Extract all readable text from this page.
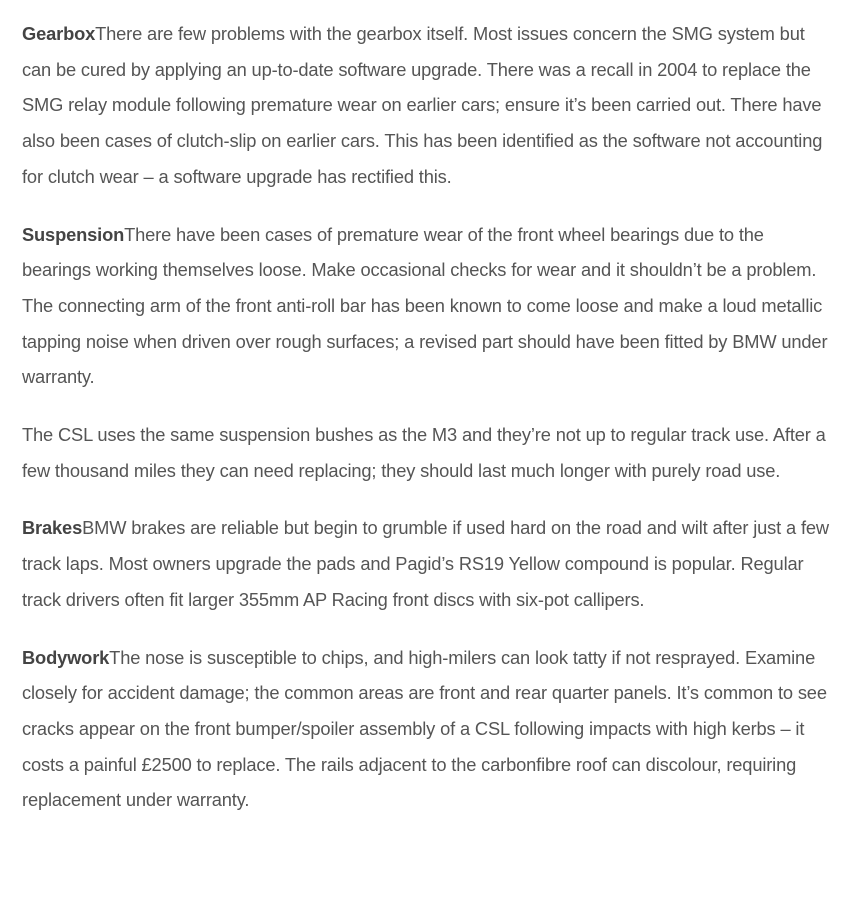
GearboxThere are few problems with the gearbox itself. Most issues concern the SMG system but can be cured by applying an up-to-date software upgrade. There was a recall in 2004 to replace the SMG relay module following premature wear on earlier cars; ensure it’s been carried out. There have also been cases of clutch-slip on earlier cars. This has been identified as the software not accounting for clutch wear – a software upgrade has rectified this.

SuspensionThere have been cases of premature wear of the front wheel bearings due to the bearings working themselves loose. Make occasional checks for wear and it shouldn’t be a problem. The connecting arm of the front anti-roll bar has been known to come loose and make a loud metallic tapping noise when driven over rough surfaces; a revised part should have been fitted by BMW under warranty.

The CSL uses the same suspension bushes as the M3 and they’re not up to regular track use. After a few thousand miles they can need replacing; they should last much longer with purely road use.

BrakesBMW brakes are reliable but begin to grumble if used hard on the road and wilt after just a few track laps. Most owners upgrade the pads and Pagid’s RS19 Yellow compound is popular. Regular track drivers often fit larger 355mm AP Racing front discs with six-pot callipers.

BodyworkThe nose is susceptible to chips, and high-milers can look tatty if not resprayed. Examine closely for accident damage; the common areas are front and rear quarter panels. It’s common to see cracks appear on the front bumper/spoiler assembly of a CSL following impacts with high kerbs – it costs a painful £2500 to replace. The rails adjacent to the carbonfibre roof can discolour, requiring replacement under warranty.
